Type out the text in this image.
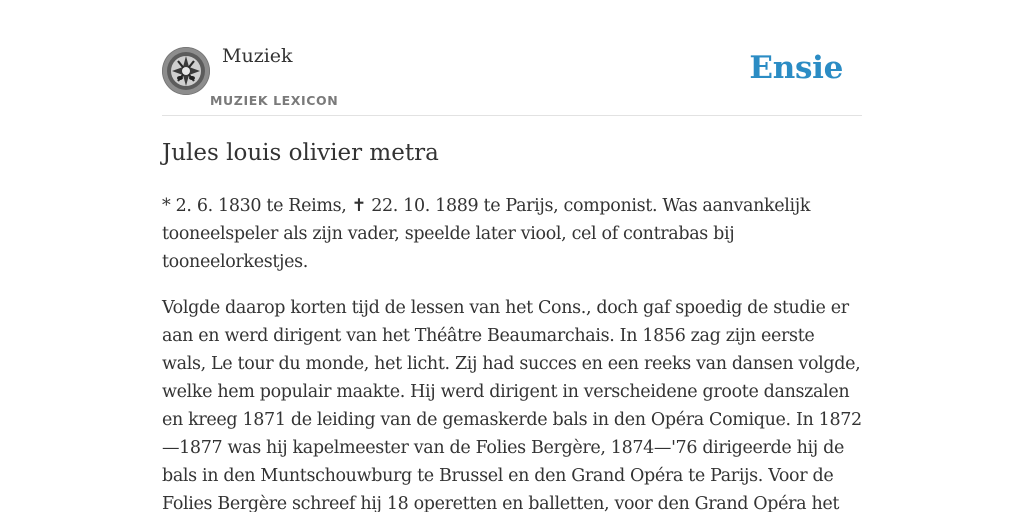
Muziek
MUZIEK LEXICON
Ensie
Jules louis olivier metra

* 2. 6. 1830 te Reims, ✝ 22. 10. 1889 te Parijs, componist. Was aanvankelijk tooneelspeler als zijn vader, speelde later viool, cel of contrabas bij tooneelorkestjes.

Volgde daarop korten tijd de lessen van het Cons., doch gaf spoedig de studie er aan en werd dirigent van het Théâtre Beaumarchais. In 1856 zag zijn eerste wals, Le tour du monde, het licht. Zij had succes en een reeks van dansen volgde, welke hem populair maakte. Hij werd dirigent in verscheidene groote danszalen en kreeg 1871 de leiding van de gemaskerde bals in den Opéra Comique. In 1872—1877 was hij kapelmeester van de Folies Bergère, 1874—'76 dirigeerde hij de bals in den Muntschouwburg te Brussel en den Grand Opéra te Parijs. Voor de Folies Bergère schreef hij 18 operetten en balletten, voor den Grand Opéra het
